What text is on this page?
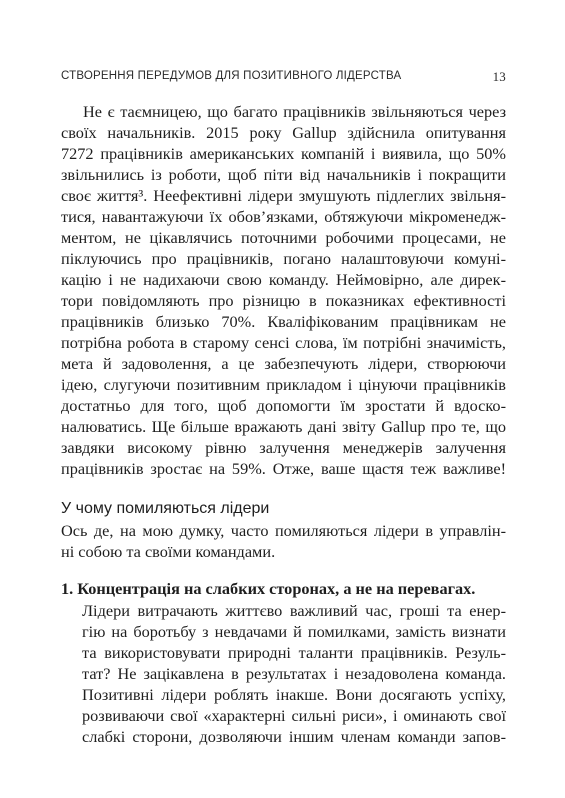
СТВОРЕННЯ ПЕРЕДУМОВ ДЛЯ ПОЗИТИВНОГО ЛІДЕРСТВА	13
Не є таємницею, що багато працівників звільняються через
своїх начальників. 2015 року Gallup здійснила опитування
7272 працівників американських компаній і виявила, що 50%
звільнились із роботи, щоб піти від начальників і покращити
своє життя³. Неефективні лідери змушують підлеглих звільня-
тися, навантажуючи їх обов’язками, обтяжуючи мікроменедж-
ментом, не цікавлячись поточними робочими процесами, не
піклуючись про працівників, погано налаштовуючи комуні-
кацію і не надихаючи свою команду. Неймовірно, але дирек-
тори повідомляють про різницю в показниках ефективності
працівників близько 70%. Кваліфікованим працівникам не
потрібна робота в старому сенсі слова, їм потрібні значимість,
мета й задоволення, а це забезпечують лідери, створюючи
ідею, слугуючи позитивним прикладом і цінуючи працівників
достатньо для того, щоб допомогти їм зростати й вдоско-
налюватись. Ще більше вражають дані звіту Gallup про те, що
завдяки високому рівню залучення менеджерів залучення
працівників зростає на 59%. Отже, ваше щастя теж важливе!
У чому помиляються лідери
Ось де, на мою думку, часто помиляються лідери в управлін-
ні собою та своїми командами.
1. Концентрація на слабких сторонах, а не на перевагах.
Лідери витрачають життєво важливий час, гроші та енер-
гію на боротьбу з невдачами й помилками, замість визнати
та використовувати природні таланти працівників. Резуль-
тат? Не зацікавлена в результатах і незадоволена команда.
Позитивні лідери роблять інакше. Вони досягають успіху,
розвиваючи свої «характерні сильні риси», і оминають свої
слабкі сторони, дозволяючи іншим членам команди запов-
